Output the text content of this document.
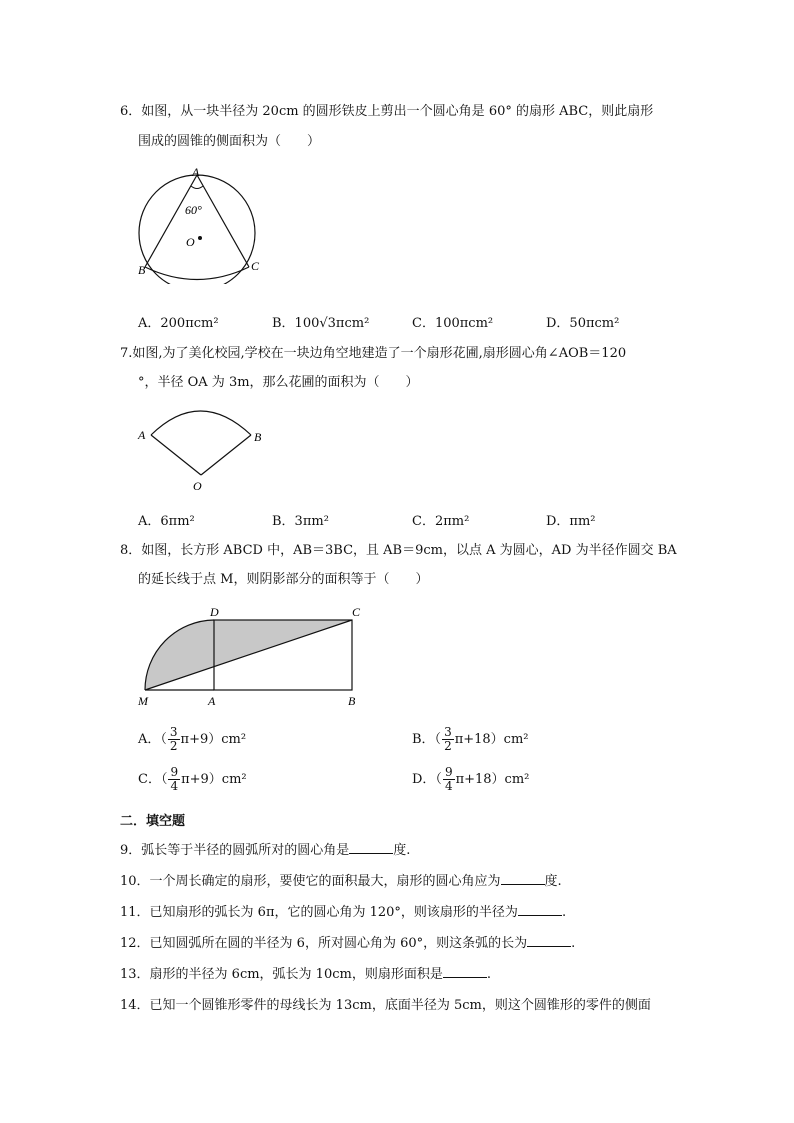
6．如图，从一块半径为 20cm 的圆形铁皮上剪出一个圆心角是 60° 的扇形 ABC，则此扇形
围成的圆锥的侧面积为（　　）
A
60°
O
B	C
A．200πcm²	B．100√3πcm²	C．100πcm²	D．50πcm²
7.如图,为了美化校园,学校在一块边角空地建造了一个扇形花圃,扇形圆心角∠AOB＝120
°，半径 OA 为 3m，那么花圃的面积为（　　）
A	B
O
A．6πm²	B．3πm²	C．2πm²	D．πm²
8．如图，长方形 ABCD 中，AB＝3BC，且 AB＝9cm，以点 A 为圆心，AD 为半径作圆交 BA
的延长线于点 M，则阴影部分的面积等于（　　）
D	C
M	A	B
A．（ $\frac{3}{2} \pi+9)cm^2$	B．（ $\frac{3}{2} \pi+18)cm^2$
C．（ $\frac{9}{4} \pi+9)cm^2$	D．（ $\frac{9}{4} \pi+18)cm^2$
二．填空题
9．弧长等于半径的圆弧所对的圆心角是	度.
10．一个周长确定的扇形，要使它的面积最大，扇形的圆心角应为	度.
11．已知扇形的弧长为 6π，它的圆心角为 120°，则该扇形的半径为	.
12．已知圆弧所在圆的半径为 6，所对圆心角为 60°，则这条弧的长为	.
13．扇形的半径为 6cm，弧长为 10cm，则扇形面积是	.
14．已知一个圆锥形零件的母线长为 13cm，底面半径为 5cm，则这个圆锥形的零件的侧面
